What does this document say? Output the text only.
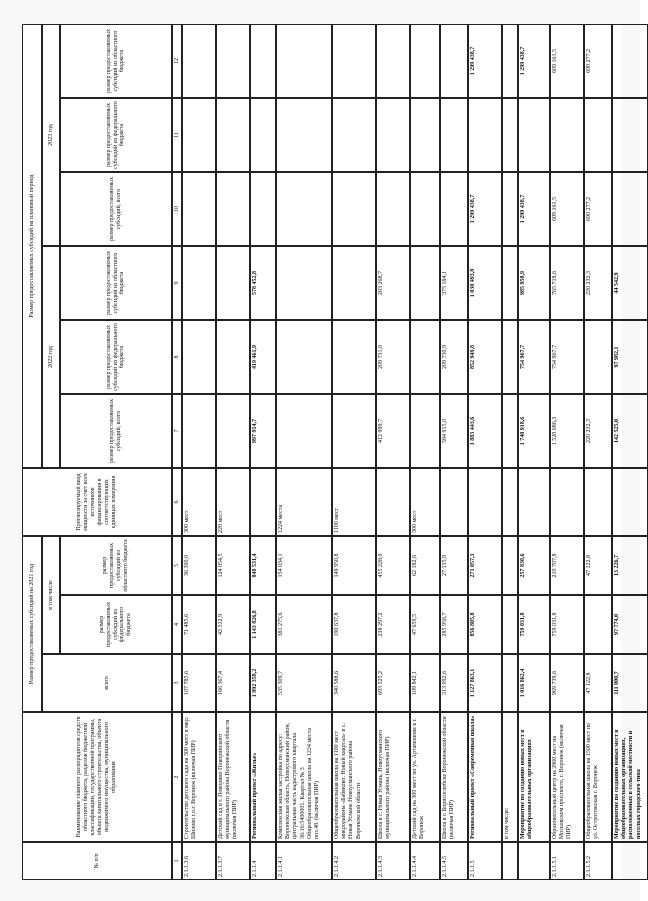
№ п/п
Наименование главного распорядителя средств областного бюджета, разделов бюджетной классификации, государственной программы, объекта капитального строительства, объекта недвижимого имущества, муниципального образования
Размер предоставляемых субсидий на 2021 год	всего
в том числе
размер предоставляемых субсидий из федерального бюджета
размер предоставляемых субсидий из областного бюджета
Прогнозируемый ввод мощности за счет всех источников финансирования в соответствующих единицах измерения
Размер предоставляемых субсидий на плановый период
2022 год
2023 год
размер предоставляемых субсидий, всего
размер предоставляемых субсидий из федерального бюджета
размер предоставляемых субсидий из областного бюджета
размер предоставляемых субсидий, всего
размер предоставляемых субсидий из федерального бюджета
размер предоставляемых субсидий из областного бюджета
1
2
3
4
5
6
7
8
9
10
11
12
2.1.1.3.6
Строительство детского сада на 300 мест в мкр. Шилово г.о.г. Воронеж (включая ПИР)
107 785,6
71 485,6
36 300,0
300 мест
2.1.1.3.7
Детский сад в г. Поворино Поворинского муниципального района Воронежской области (включая ПИР)
166 367,4
42 312,9
124 054,5
220 мест
2.1.1.4
Региональный проект «Жилье»
1 992 358,2
1 143 826,8
848 531,4
997 914,7
419 461,9
578 452,8
2.1.1.4.1
Комплексная жилая застройка по адресу: Воронежская область, Новоусманский район, центральная часть кадастрового квартала 36:16:5400001. Квартал № 3 Общеобразовательная школа на 1224 места поз.48. (включая ПИР)
535 309,7
381 275,6
154 034,1
1224 места
2.1.1.4.2
Общеобразовательная школа на 1100 мест микрорайона «Бабяково. Новый квартал» в с. Новая Усмань Новоусманского района Воронежской области
340 588,6
190 637,8
149 950,8
1100 мест
2.1.1.4.3
Школа в с. Новая Усмань, Новоусманского муниципального района (включая ПИР)
693 525,2
238 297,2
455 228,0
412 999,7
209 731,0
203 268,7
2.1.1.4.4
Детский сад на 300 мест по ул. Артамонова в г. Воронеж
109 842,1
47 659,5
62 182,6
300 мест
2.1.1.4.5
Школа в г. Борисоглебске Воронежской области (включая ПИР)
313 092,6
285 956,7
27 135,9
584 915,0
209 730,9
375 184,1
2.1.1.5
Региональный проект «Современная школа»
1 127 863,1
856 805,8
271 057,3
1 883 443,6
852 949,8
1 030 493,8
1 299 438,7
1 299 438,7
в том числе:	Мероприятие по созданию новых мест в общеобразовательных организациях
1 016 862,4
759 031,8
257 830,6
1 740 918,6
754 967,7
985 950,9
1 299 438,7
1 299 438,7
2.1.1.5.1
Образовательный центр на 2860 мест на Московском проспекте, г. Воронеж (включая ПИР)
969 739,6
759 031,8
210 707,8
1 520 686,3
754 967,7
765 718,6
609 161,5
609 161,5
2.1.1.5.2
Общеобразовательная школа на 1500 мест по ул. Острогожская г. Воронеж
47 122,8
47 122,8
220 232,3
220 232,3
690 277,2
690 277,2
Мероприятие по созданию новых мест в общеобразовательных организациях, расположенных в сельской местности и поселках городского типа
111 000,7
97 774,0
13 226,7
142 525,0
97 982,1
44 542,9
